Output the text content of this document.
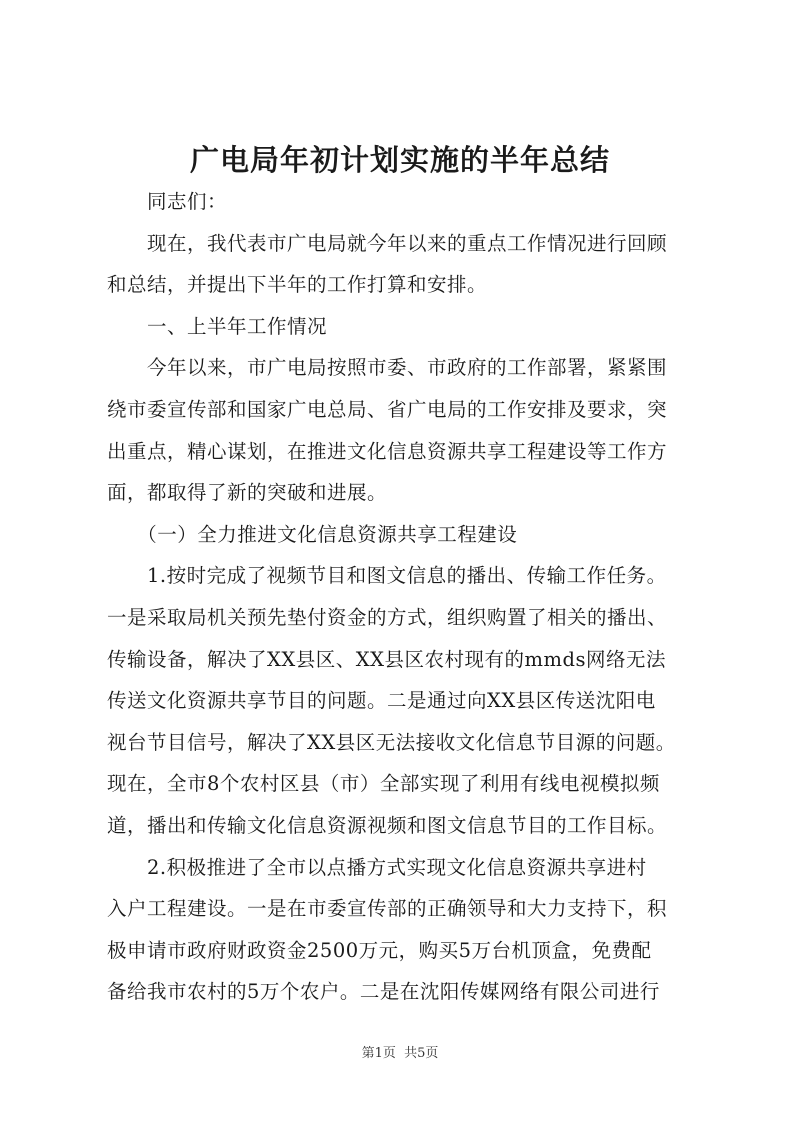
广电局年初计划实施的半年总结
　　同志们：
　　现在，我代表市广电局就今年以来的重点工作情况进行回顾
和总结，并提出下半年的工作打算和安排。
　　一、上半年工作情况
　　今年以来，市广电局按照市委、市政府的工作部署，紧紧围
绕市委宣传部和国家广电总局、省广电局的工作安排及要求，突
出重点，精心谋划，在推进文化信息资源共享工程建设等工作方
面，都取得了新的突破和进展。
　　（一）全力推进文化信息资源共享工程建设
　　1.按时完成了视频节目和图文信息的播出、传输工作任务。
一是采取局机关预先垫付资金的方式，组织购置了相关的播出、
传输设备，解决了XX县区、XX县区农村现有的mmds网络无法
传送文化资源共享节目的问题。二是通过向XX县区传送沈阳电
视台节目信号，解决了XX县区无法接收文化信息节目源的问题。
现在，全市8个农村区县（市）全部实现了利用有线电视模拟频
道，播出和传输文化信息资源视频和图文信息节目的工作目标。
　　2.积极推进了全市以点播方式实现文化信息资源共享进村
入户工程建设。一是在市委宣传部的正确领导和大力支持下，积
极申请市政府财政资金2500万元，购买5万台机顶盒，免费配
备给我市农村的5万个农户。二是在沈阳传媒网络有限公司进行
第1页 共5页
